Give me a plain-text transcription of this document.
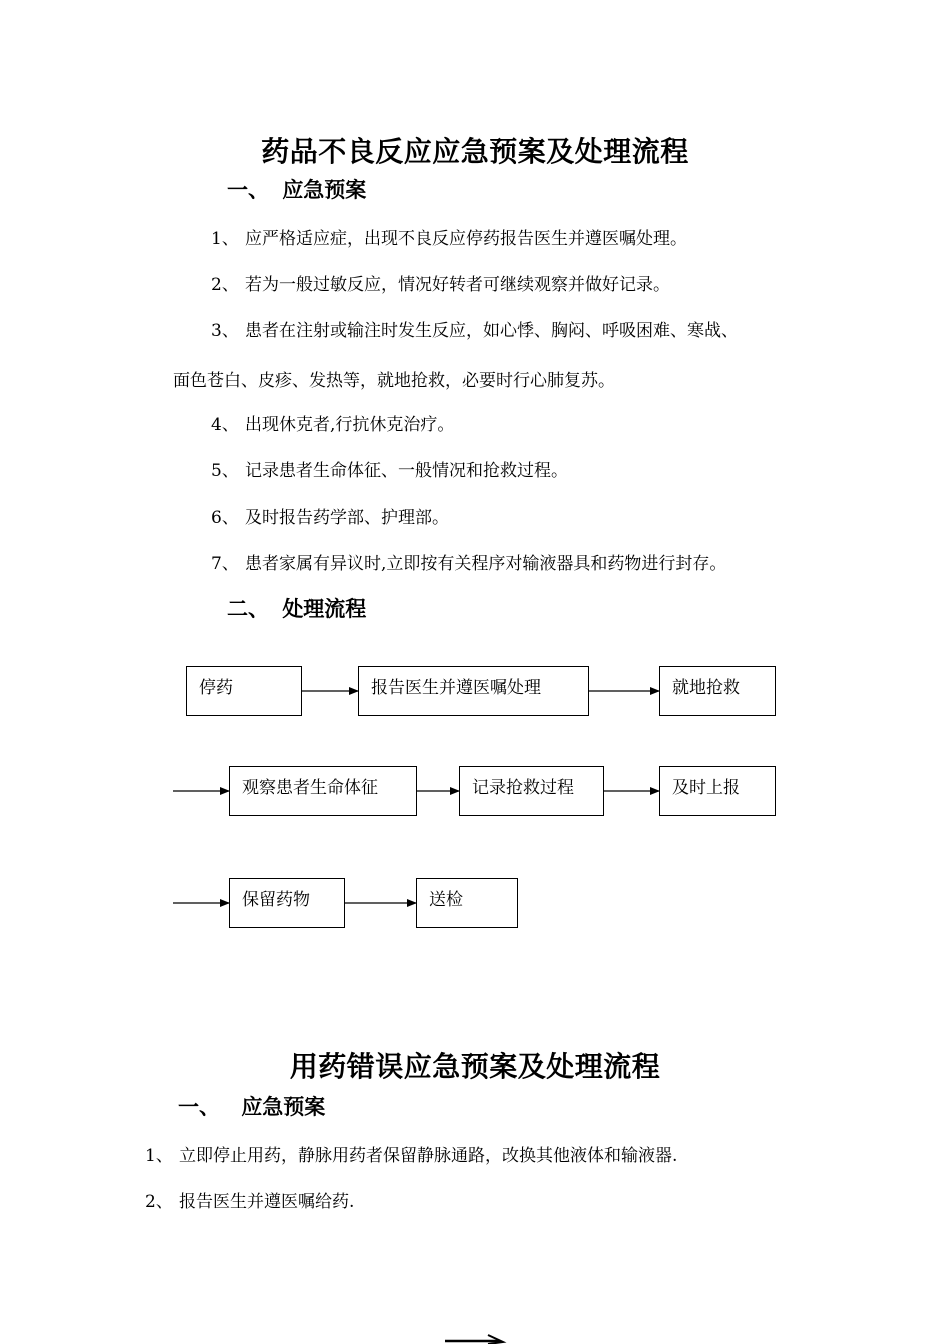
药品不良反应应急预案及处理流程
一、 应急预案
1、 应严格适应症，出现不良反应停药报告医生并遵医嘱处理。
2、 若为一般过敏反应，情况好转者可继续观察并做好记录。
3、 患者在注射或输注时发生反应，如心悸、胸闷、呼吸困难、寒战、
面色苍白、皮疹、发热等，就地抢救，必要时行心肺复苏。
4、 出现休克者,行抗休克治疗。
5、 记录患者生命体征、一般情况和抢救过程。
6、 及时报告药学部、护理部。
7、 患者家属有异议时,立即按有关程序对输液器具和药物进行封存。
二、 处理流程
停药	报告医生并遵医嘱处理	就地抢救
观察患者生命体征	记录抢救过程	及时上报
保留药物	送检
用药错误应急预案及处理流程
一、 应急预案
1、 立即停止用药，静脉用药者保留静脉通路，改换其他液体和输液器.
2、 报告医生并遵医嘱给药.
